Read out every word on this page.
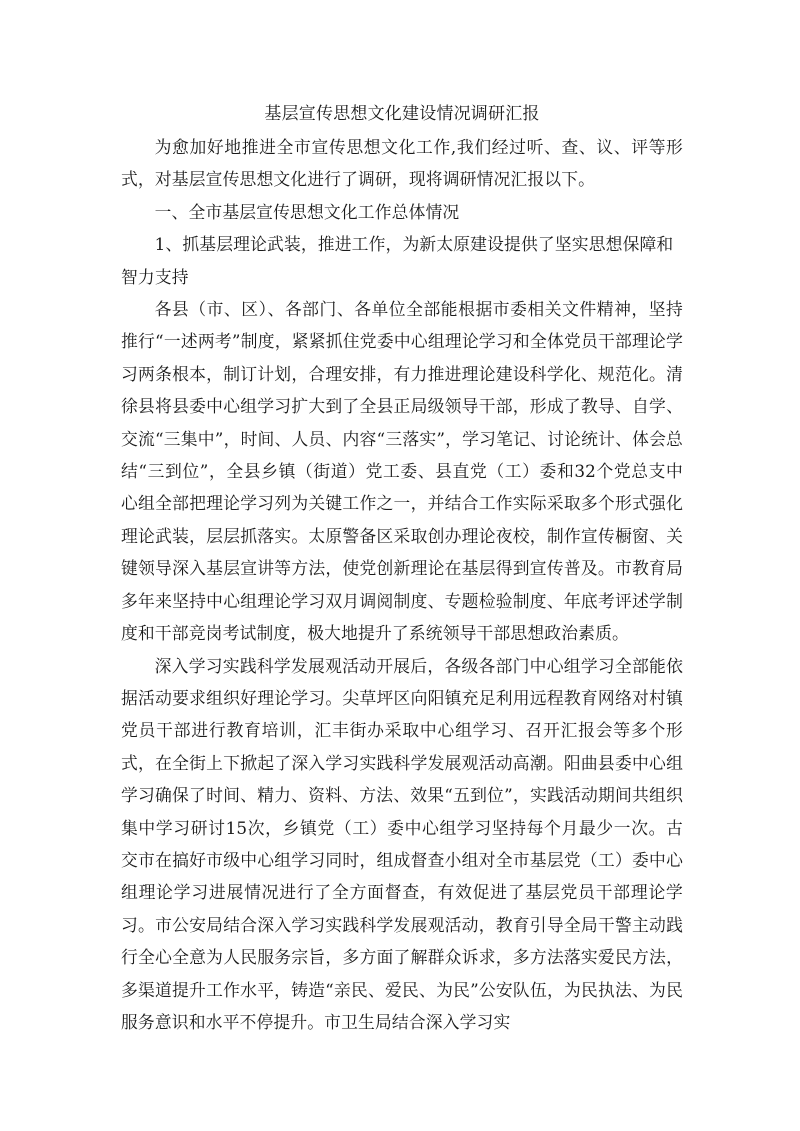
基层宣传思想文化建设情况调研汇报

为愈加好地推进全市宣传思想文化工作,我们经过听、查、议、评等形式，对基层宣传思想文化进行了调研，现将调研情况汇报以下。

一、全市基层宣传思想文化工作总体情况

1、抓基层理论武装，推进工作，为新太原建设提供了坚实思想保障和智力支持

各县（市、区）、各部门、各单位全部能根据市委相关文件精神，坚持推行“一述两考”制度，紧紧抓住党委中心组理论学习和全体党员干部理论学习两条根本，制订计划，合理安排，有力推进理论建设科学化、规范化。清徐县将县委中心组学习扩大到了全县正局级领导干部，形成了教导、自学、交流“三集中”，时间、人员、内容“三落实”，学习笔记、讨论统计、体会总结“三到位”，全县乡镇（街道）党工委、县直党（工）委和32个党总支中心组全部把理论学习列为关键工作之一，并结合工作实际采取多个形式强化理论武装，层层抓落实。太原警备区采取创办理论夜校，制作宣传橱窗、关键领导深入基层宣讲等方法，使党创新理论在基层得到宣传普及。市教育局多年来坚持中心组理论学习双月调阅制度、专题检验制度、年底考评述学制度和干部竞岗考试制度，极大地提升了系统领导干部思想政治素质。

深入学习实践科学发展观活动开展后，各级各部门中心组学习全部能依据活动要求组织好理论学习。尖草坪区向阳镇充足利用远程教育网络对村镇党员干部进行教育培训，汇丰街办采取中心组学习、召开汇报会等多个形式，在全街上下掀起了深入学习实践科学发展观活动高潮。阳曲县委中心组学习确保了时间、精力、资料、方法、效果“五到位”，实践活动期间共组织集中学习研讨15次，乡镇党（工）委中心组学习坚持每个月最少一次。古交市在搞好市级中心组学习同时，组成督查小组对全市基层党（工）委中心组理论学习进展情况进行了全方面督查，有效促进了基层党员干部理论学习。市公安局结合深入学习实践科学发展观活动，教育引导全局干警主动践行全心全意为人民服务宗旨，多方面了解群众诉求，多方法落实爱民方法，多渠道提升工作水平，铸造“亲民、爱民、为民”公安队伍，为民执法、为民服务意识和水平不停提升。市卫生局结合深入学习实
